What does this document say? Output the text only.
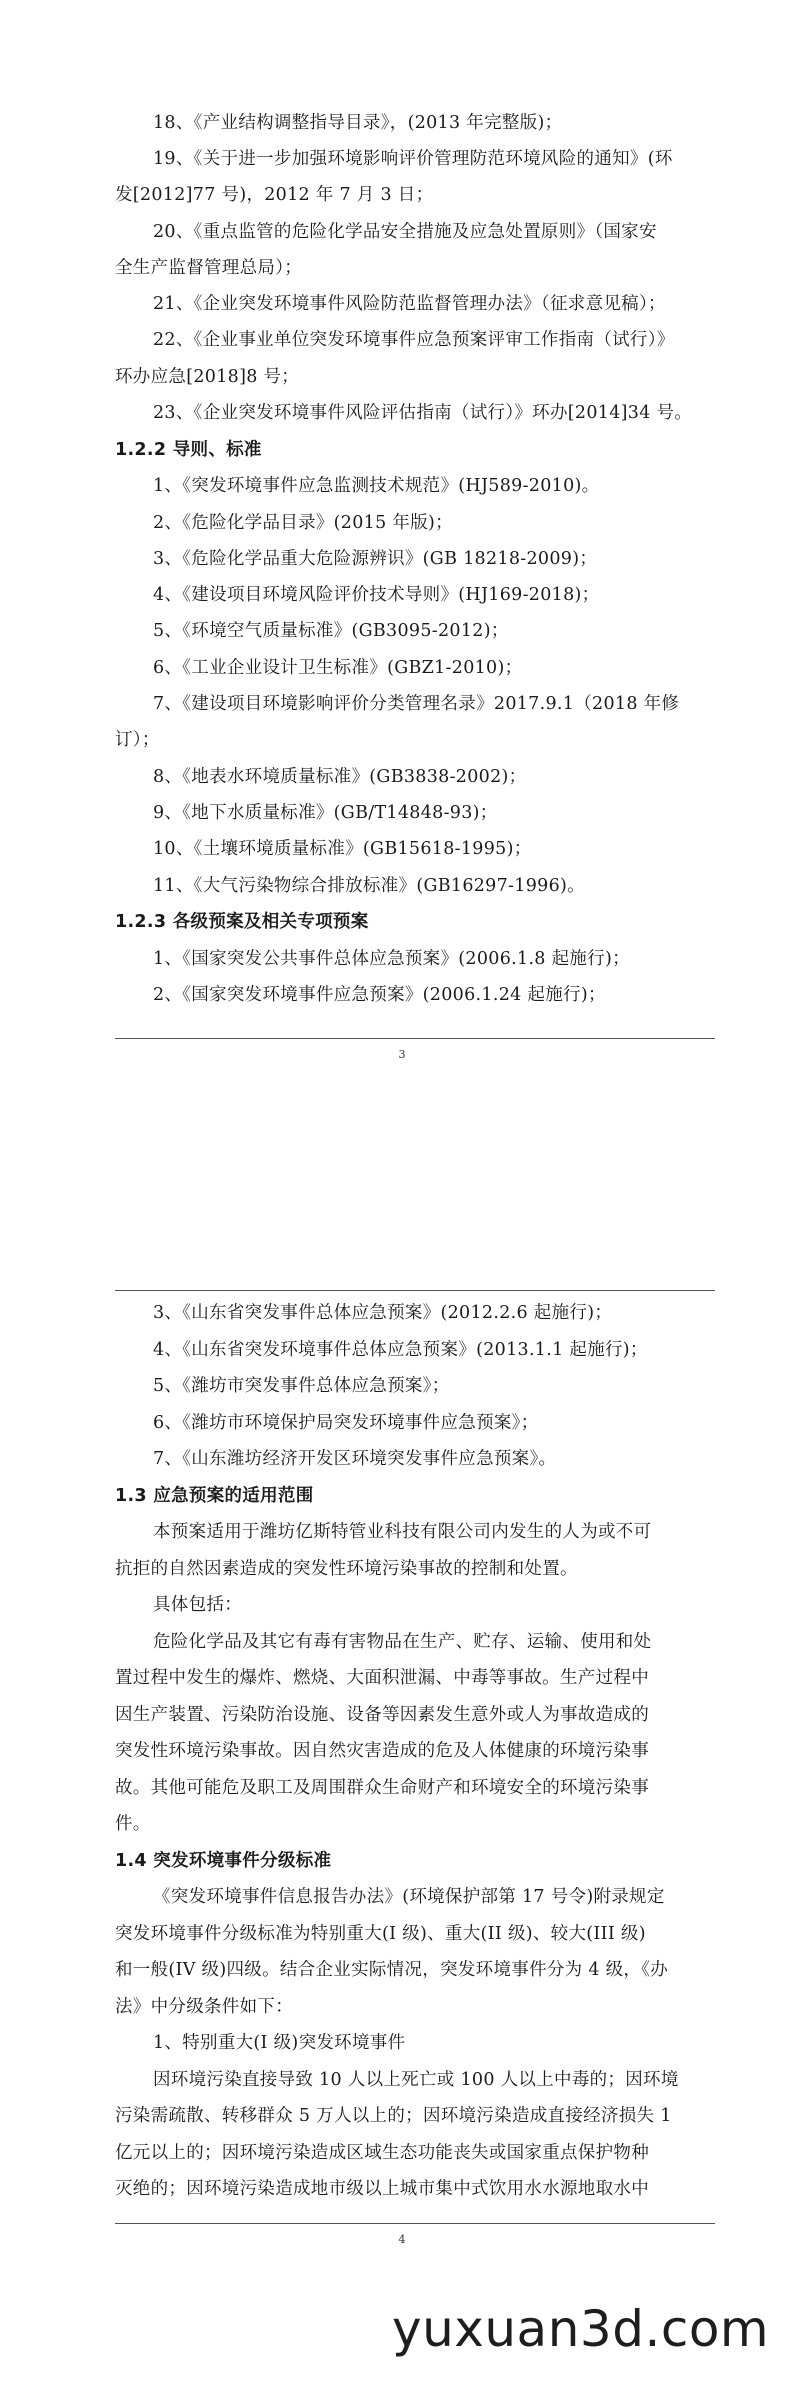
18、《产业结构调整指导目录》，(2013 年完整版)；
19、《关于进一步加强环境影响评价管理防范环境风险的通知》(环
发[2012]77 号)，2012 年 7 月 3 日；
20、《重点监管的危险化学品安全措施及应急处置原则》（国家安
全生产监督管理总局）；
21、《企业突发环境事件风险防范监督管理办法》（征求意见稿）；
22、《企业事业单位突发环境事件应急预案评审工作指南（试行）》
环办应急[2018]8 号；
23、《企业突发环境事件风险评估指南（试行）》环办[2014]34 号。
1.2.2 导则、标准
1、《突发环境事件应急监测技术规范》(HJ589-2010)。
2、《危险化学品目录》(2015 年版)；
3、《危险化学品重大危险源辨识》(GB 18218-2009)；
4、《建设项目环境风险评价技术导则》(HJ169-2018)；
5、《环境空气质量标准》(GB3095-2012)；
6、《工业企业设计卫生标准》(GBZ1-2010)；
7、《建设项目环境影响评价分类管理名录》2017.9.1（2018 年修
订）；
8、《地表水环境质量标准》(GB3838-2002)；
9、《地下水质量标准》(GB/T14848-93)；
10、《土壤环境质量标准》(GB15618-1995)；
11、《大气污染物综合排放标准》(GB16297-1996)。
1.2.3 各级预案及相关专项预案
1、《国家突发公共事件总体应急预案》(2006.1.8 起施行)；
2、《国家突发环境事件应急预案》(2006.1.24 起施行)；
3
3、《山东省突发事件总体应急预案》(2012.2.6 起施行)；
4、《山东省突发环境事件总体应急预案》(2013.1.1 起施行)；
5、《潍坊市突发事件总体应急预案》；
6、《潍坊市环境保护局突发环境事件应急预案》；
7、《山东潍坊经济开发区环境突发事件应急预案》。
1.3 应急预案的适用范围
本预案适用于潍坊亿斯特管业科技有限公司内发生的人为或不可
抗拒的自然因素造成的突发性环境污染事故的控制和处置。
具体包括：
危险化学品及其它有毒有害物品在生产、贮存、运输、使用和处
置过程中发生的爆炸、燃烧、大面积泄漏、中毒等事故。生产过程中
因生产装置、污染防治设施、设备等因素发生意外或人为事故造成的
突发性环境污染事故。因自然灾害造成的危及人体健康的环境污染事
故。其他可能危及职工及周围群众生命财产和环境安全的环境污染事
件。
1.4 突发环境事件分级标准
《突发环境事件信息报告办法》(环境保护部第 17 号令)附录规定
突发环境事件分级标准为特别重大(I 级)、重大(II 级)、较大(III 级)
和一般(IV 级)四级。结合企业实际情况，突发环境事件分为 4 级，《办
法》中分级条件如下：
1、特别重大(I 级)突发环境事件
因环境污染直接导致 10 人以上死亡或 100 人以上中毒的；因环境
污染需疏散、转移群众 5 万人以上的；因环境污染造成直接经济损失 1
亿元以上的；因环境污染造成区域生态功能丧失或国家重点保护物种
灭绝的；因环境污染造成地市级以上城市集中式饮用水水源地取水中
4
yuxuan3d.com
